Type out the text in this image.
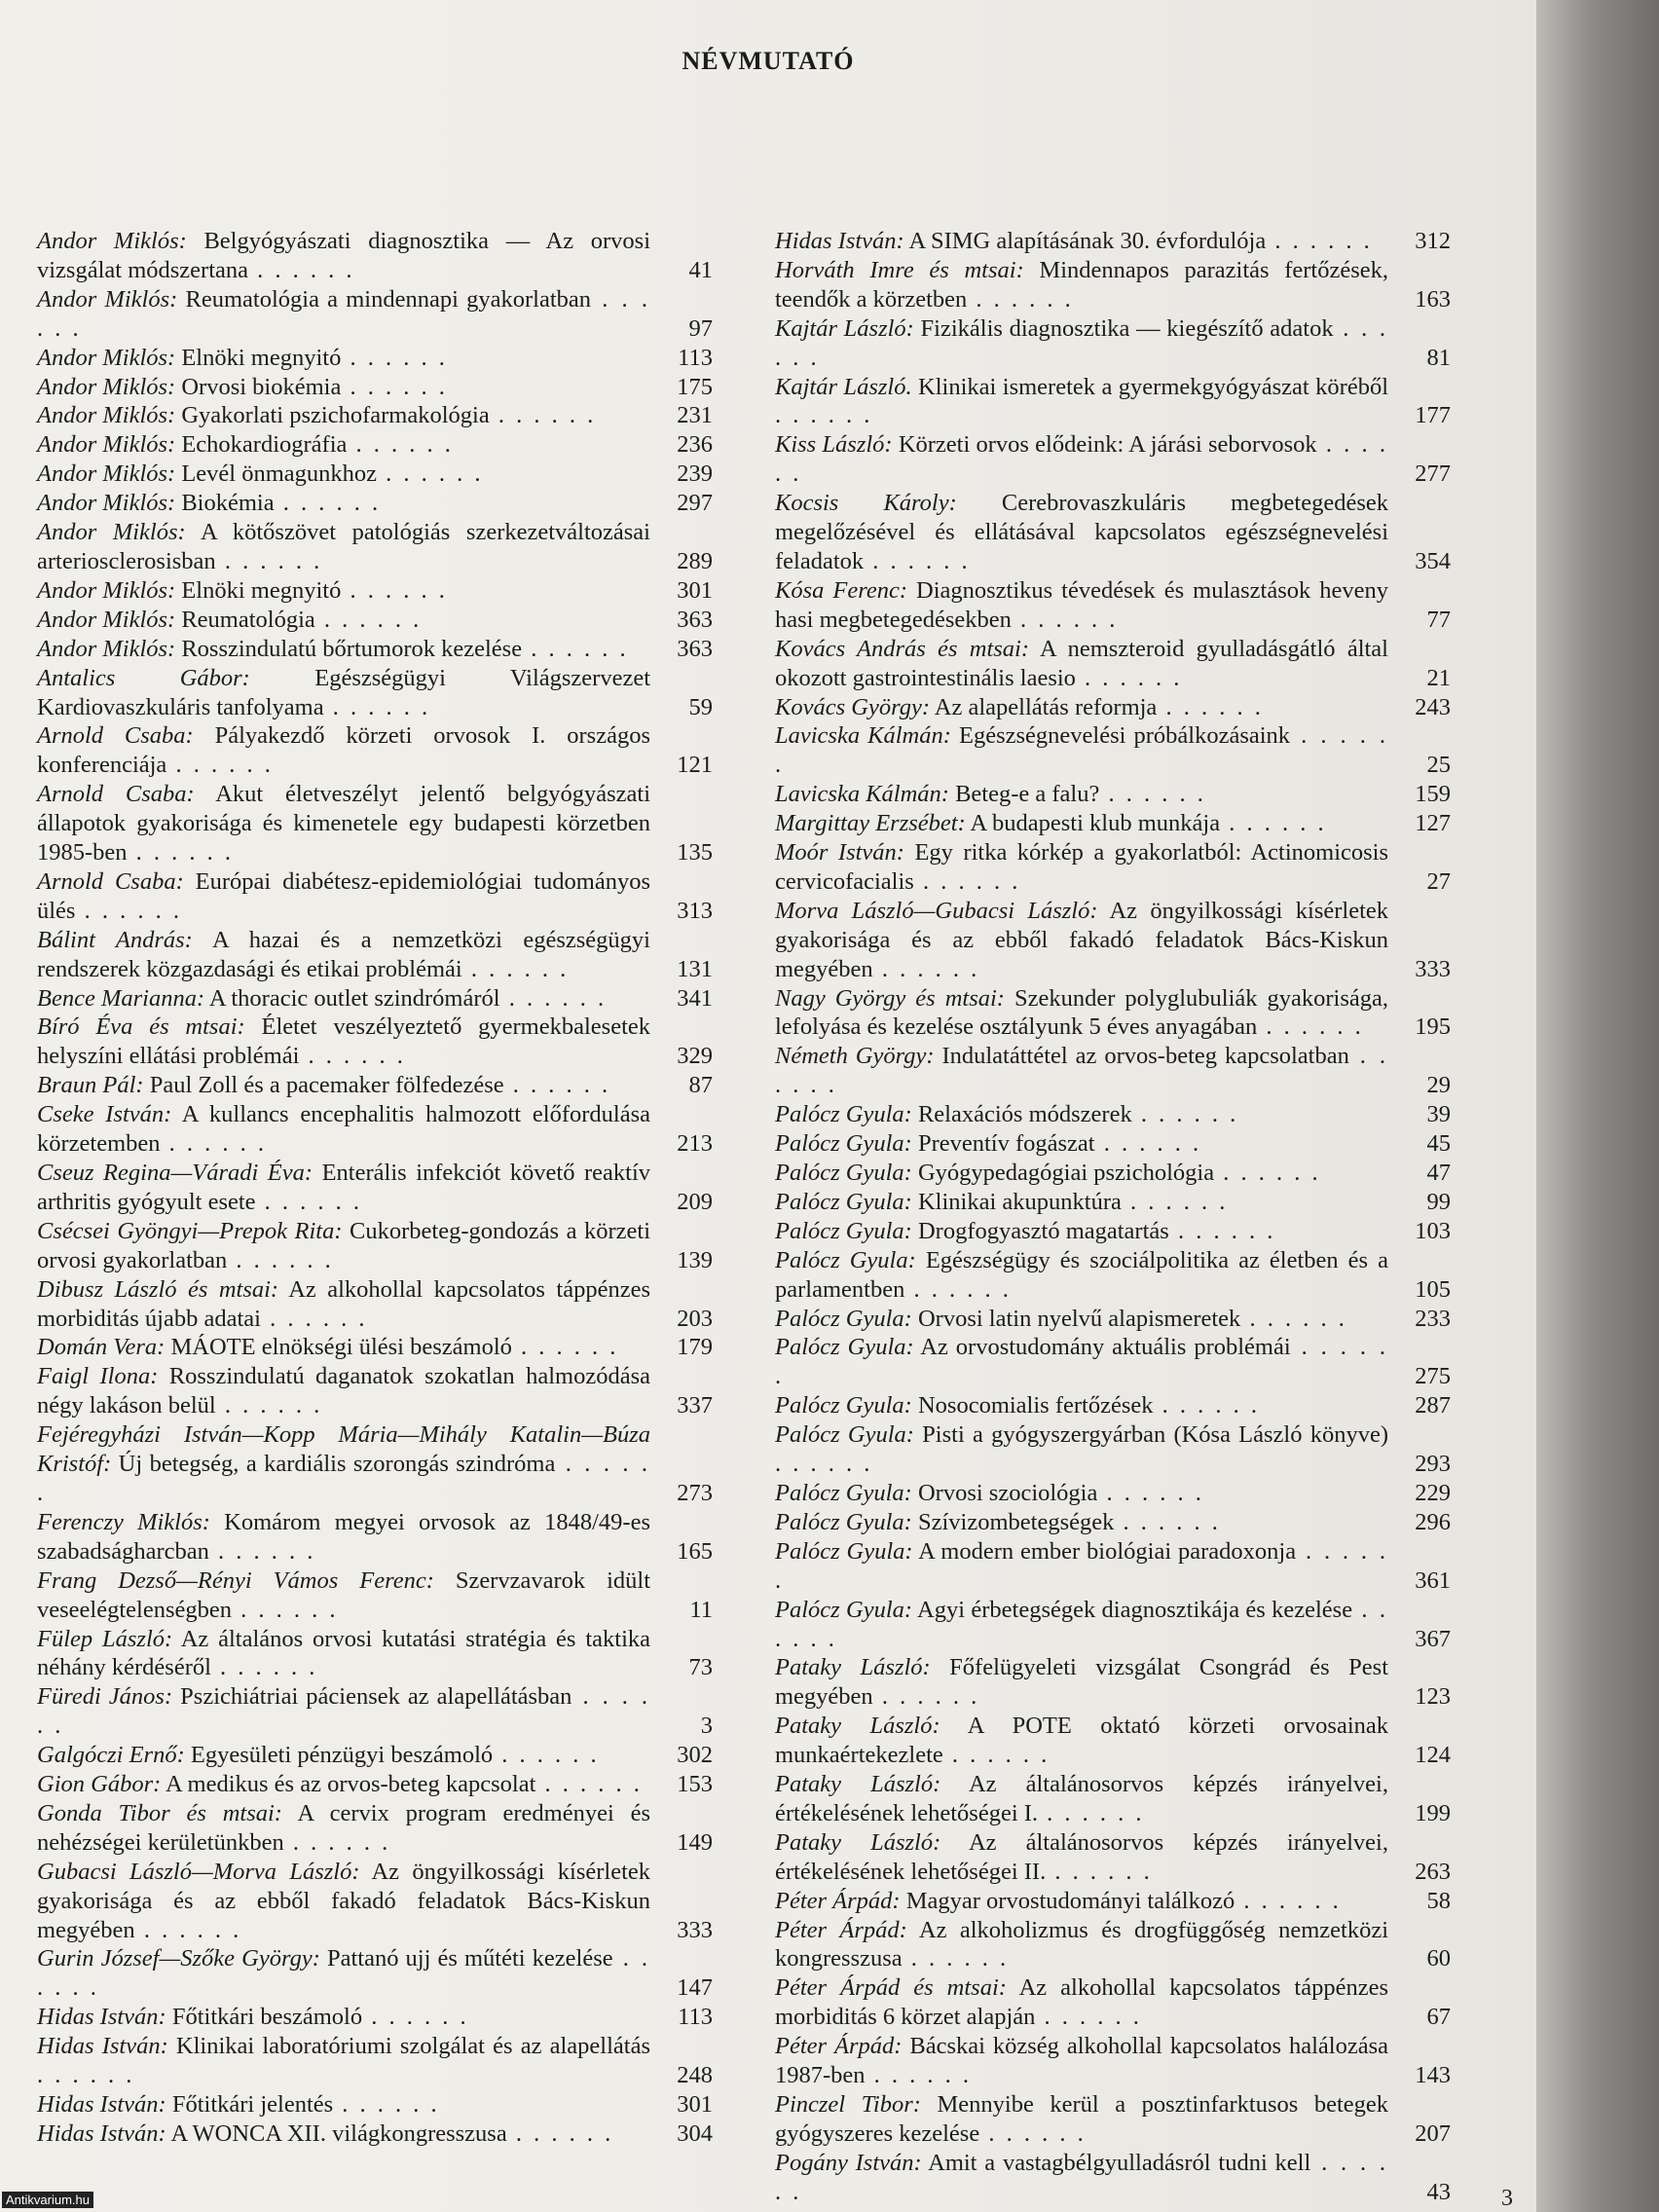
NÉVMUTATÓ
Andor Miklós: Belgyógyászati diagnosztika — Az orvosi vizsgálat módszertana . . . . . .	41
Andor Miklós: Reumatológia a mindennapi gyakorlatban . . . . . .	97
Andor Miklós: Elnöki megnyitó . . . . . .	113
Andor Miklós: Orvosi biokémia . . . . . .	175
Andor Miklós: Gyakorlati pszichofarmakológia . . . . . .	231
Andor Miklós: Echokardiográfia . . . . . .	236
Andor Miklós: Levél önmagunkhoz . . . . . .	239
Andor Miklós: Biokémia . . . . . .	297
Andor Miklós: A kötőszövet patológiás szerkezetváltozásai arteriosclerosisban . . . . . .	289
Andor Miklós: Elnöki megnyitó . . . . . .	301
Andor Miklós: Reumatológia . . . . . .	363
Andor Miklós: Rosszindulatú bőrtumorok kezelése . . . . . . 363
Antalics Gábor:	Egészségügyi Világszervezet Kardiovaszkuláris tanfolyama . . . . . .	59
Arnold Csaba: Pályakezdő körzeti orvosok I. országos konferenciája . . . . . .	121
Arnold Csaba: Akut életveszélyt jelentő belgyógyászati állapotok gyakorisága és kimenetele egy budapesti körzetben 1985-ben . . . . . .	135
Arnold Csaba: Európai diabétesz-epidemiológiai tudományos ülés . . . . . .	313
Bálint András: A hazai és a nemzetközi egészségügyi rendszerek közgazdasági és etikai problémái . . . . . .	131
Bence Marianna: A thoracic outlet szindrómáról . . . . . .	341
Bíró Éva és mtsai: Életet veszélyeztető gyermekbalesetek helyszíni ellátási problémái . . . . . .	329
Braun Pál: Paul Zoll és a pacemaker fölfedezése . . . . . .	87
Cseke István: A kullancs encephalitis halmozott előfordulása körzetemben . . . . . .	213
Cseuz Regina—Váradi Éva: Enterális infekciót követő reaktív arthritis gyógyult esete . . . . . .	209
Csécsei Gyöngyi—Prepok Rita: Cukorbeteg-gondozás a körzeti orvosi gyakorlatban . . . . . .	139
Dibusz László és mtsai: Az alkohollal kapcsolatos táppénzes morbiditás újabb adatai . . . . . .	203
Domán Vera: MÁOTE elnökségi ülési beszámoló . . . . . . 179
Faigl Ilona: Rosszindulatú daganatok szokatlan halmozódása négy lakáson belül . . . . . .	337
Fejéregyházi István—Kopp Mária—Mihály Katalin—Búza Kristóf: Új betegség, a kardiális szorongás szindróma . . . . . .	273
Ferenczy Miklós: Komárom megyei orvosok az 1848/49-es szabadságharcban . . . . . .	165
Frang Dezső—Rényi Vámos Ferenc: Szervzavarok idült veseelégtelenségben . . . . . .	11
Fülep László: Az általános orvosi kutatási stratégia és taktika néhány kérdéséről . . . . . .	73
Füredi János: Pszichiátriai páciensek az alapellátásban . . . . . .	3
Galgóczi Ernő: Egyesületi pénzügyi beszámoló . . . . . .	302
Gion Gábor: A medikus és az orvos-beteg kapcsolat . . . . . . 153
Gonda Tibor és mtsai: A cervix program eredményei és nehézségei kerületünkben . . . . . .	149
Gubacsi László—Morva László: Az öngyilkossági kísérletek gyakorisága és az ebből fakadó feladatok Bács-Kiskun megyében . . . . . .	333
Gurin József—Szőke György: Pattanó ujj és műtéti kezelése . . . . . .	147
Hidas István: Főtitkári beszámoló . . . . . .	113
Hidas István: Klinikai laboratóriumi szolgálat és az alapellátás . . . . . .	248
Hidas István: Főtitkári jelentés . . . . . .	301
Hidas István: A WONCA XII. világkongresszusa . . . . . .	304
Hidas István: A SIMG alapításának 30. évfordulója . . . . . . 312
Horváth Imre és mtsai: Mindennapos parazitás fertőzések, teendők a körzetben . . . . . .	163
Kajtár László: Fizikális diagnosztika — kiegészítő adatok . . . . . .	81
Kajtár László. Klinikai ismeretek a gyermekgyógyászat köréből . . . . . .	177
Kiss László: Körzeti orvos elődeink: A járási seborvosok . . . . . .	277
Kocsis Károly: Cerebrovaszkuláris megbetegedések megelőzésével és ellátásával kapcsolatos egészségnevelési feladatok . . . . . .	354
Kósa Ferenc: Diagnosztikus tévedések és mulasztások heveny hasi megbetegedésekben . . . . . .	77
Kovács András és mtsai: A nemszteroid gyulladásgátló által okozott gastrointestinális laesio . . . . . .	21
Kovács György: Az alapellátás reformja . . . . . .	243
Lavicska Kálmán: Egészségnevelési próbálkozásaink . . . . . .	25
Lavicska Kálmán: Beteg-e a falu? . . . . . .	159
Margittay Erzsébet: A budapesti klub munkája . . . . . .	127
Moór István: Egy ritka kórkép a gyakorlatból: Actinomicosis cervicofacialis . . . . . .	27
Morva László—Gubacsi László: Az öngyilkossági kísérletek gyakorisága és az ebből fakadó feladatok Bács-Kiskun megyében . . . . . .	333
Nagy György és mtsai: Szekunder polyglubuliák gyakorisága, lefolyása és kezelése osztályunk 5 éves anyagában . . . . . . 195
Németh György: Indulatáttétel az orvos-beteg kapcsolatban . . . . . .	29
Palócz Gyula: Relaxációs módszerek . . . . . .	39
Palócz Gyula: Preventív fogászat . . . . . .	45
Palócz Gyula: Gyógypedagógiai pszichológia . . . . . .	47
Palócz Gyula: Klinikai akupunktúra . . . . . .	99
Palócz Gyula: Drogfogyasztó magatartás . . . . . .	103
Palócz Gyula: Egészségügy és szociálpolitika az életben és a parlamentben . . . . . .	105
Palócz Gyula: Orvosi latin nyelvű alapismeretek . . . . . .	233
Palócz Gyula: Az orvostudomány aktuális problémái . . . . . .	275
Palócz Gyula: Nosocomialis fertőzések . . . . . .	287
Palócz Gyula: Pisti a gyógyszergyárban (Kósa László könyve) . . . . . .	293
Palócz Gyula: Orvosi szociológia . . . . . .	229
Palócz Gyula: Szívizombetegségek . . . . . .	296
Palócz Gyula: A modern ember biológiai paradoxonja . . . . . .	361
Palócz Gyula: Agyi érbetegségek diagnosztikája és kezelése . . . . . .	367
Pataky László: Főfelügyeleti vizsgálat Csongrád és Pest megyében . . . . . .	123
Pataky László: A POTE oktató körzeti orvosainak munkaértekezlete . . . . . .	124
Pataky László: Az általánosorvos képzés irányelvei, értékelésének lehetőségei I. . . . . . .	199
Pataky László: Az általánosorvos képzés irányelvei, értékelésének lehetőségei II. . . . . . .	263
Péter Árpád: Magyar orvostudományi találkozó . . . . . .	58
Péter Árpád: Az alkoholizmus és drogfüggőség nemzetközi kongresszusa . . . . . .	60
Péter Árpád és mtsai: Az alkohollal kapcsolatos táppénzes morbiditás 6 körzet alapján . . . . . .	67
Péter Árpád: Bácskai község alkohollal kapcsolatos halálozása 1987-ben . . . . . .	143
Pinczel Tibor: Mennyibe kerül a posztinfarktusos betegek gyógyszeres kezelése . . . . . .	207
Pogány István: Amit a vastagbélgyulladásról tudni kell . . . . . .	43
Antikvarium.hu	3
